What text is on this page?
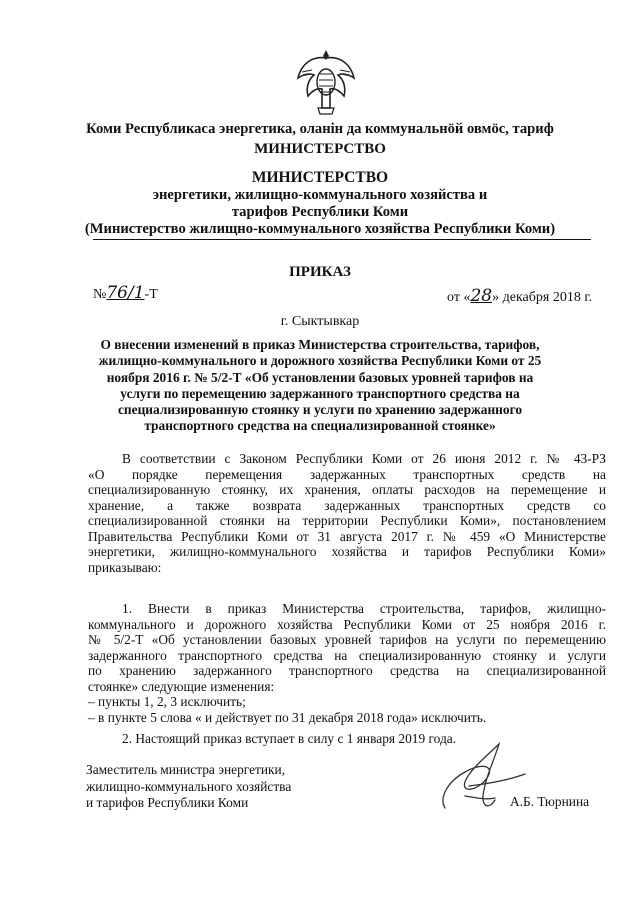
Коми Республикаса энергетика, олaнiн да коммунальнӧй овмӧс, тариф
МИНИСТЕРСТВО
МИНИСТЕРСТВО
энергетики, жилищно-коммунального хозяйства и
тарифов Республики Коми
(Министерство жилищно-коммунального хозяйства Республики Коми)
ПРИКАЗ
№76/1-Т	от «28» декабря 2018 г.
г. Сыктывкар
О внесении изменений в приказ Министерства строительства, тарифов,
жилищно-коммунального и дорожного хозяйства Республики Коми от 25
ноября 2016 г. № 5/2-Т «Об установлении базовых уровней тарифов на
услуги по перемещению задержанного транспортного средства на
специализированную стоянку и услуги по хранению задержанного
транспортного средства на специализированной стоянке»
В соответствии с Законом Республики Коми от 26 июня 2012 г. № 43-РЗ
«О порядке перемещения задержанных транспортных средств на
специализированную стоянку, их хранения, оплаты расходов на перемещение и
хранение, а также возврата задержанных транспортных средств со
специализированной стоянки на территории Республики Коми», постановлением
Правительства Республики Коми от 31 августа 2017 г. № 459 «О Министерстве
энергетики, жилищно-коммунального хозяйства и тарифов Республики Коми»
приказываю:
1. Внести в приказ Министерства строительства, тарифов, жилищно-
коммунального и дорожного хозяйства Республики Коми от 25 ноября 2016 г.
№ 5/2-Т «Об установлении базовых уровней тарифов на услуги по перемещению
задержанного транспортного средства на специализированную стоянку и услуги
по хранению задержанного транспортного средства на специализированной
стоянке» следующие изменения:
– пункты 1, 2, 3 исключить;
– в пункте 5 слова « и действует по 31 декабря 2018 года» исключить.
2. Настоящий приказ вступает в силу с 1 января 2019 года.
Заместитель министра энергетики,
жилищно-коммунального хозяйства
и тарифов Республики Коми	А.Б. Тюрнина
